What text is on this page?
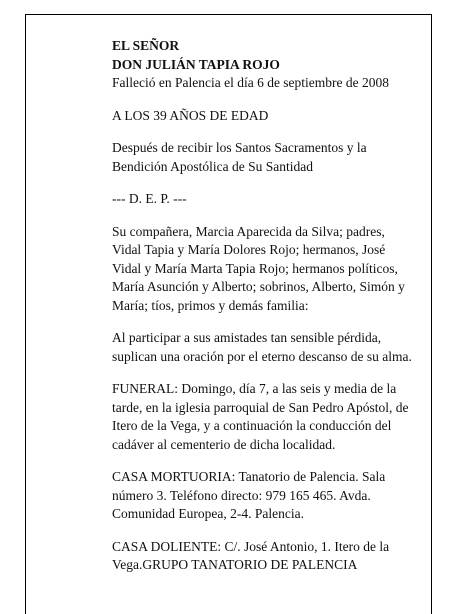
EL SEÑOR

DON JULIÁN TAPIA ROJO

Falleció en Palencia el día 6 de septiembre de 2008

A LOS 39 AÑOS DE EDAD

Después de recibir los Santos Sacramentos y la Bendición Apostólica de Su Santidad

--- D. E. P. ---

Su compañera, Marcia Aparecida da Silva; padres, Vidal Tapia y María Dolores Rojo; hermanos, José Vidal y María Marta Tapia Rojo; hermanos políticos, María Asunción y Alberto; sobrinos, Alberto, Simón y María; tíos, primos y demás familia:

Al participar a sus amistades tan sensible pérdida, suplican una oración por el eterno descanso de su alma.

FUNERAL: Domingo, día 7, a las seis y media de la tarde, en la iglesia parroquial de San Pedro Apóstol, de Itero de la Vega, y a continuación la conducción del cadáver al cementerio de dicha localidad.

CASA MORTUORIA: Tanatorio de Palencia. Sala número 3. Teléfono directo: 979 165 465. Avda. Comunidad Europea, 2-4. Palencia.

CASA DOLIENTE: C/. José Antonio, 1. Itero de la Vega.GRUPO TANATORIO DE PALENCIA
